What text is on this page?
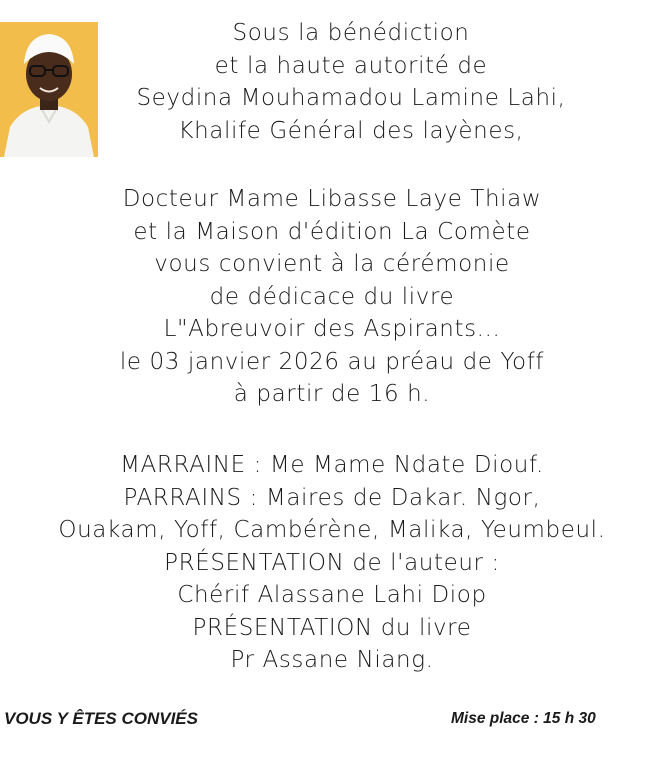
Sous la bénédiction
et la haute autorité de
Seydina Mouhamadou Lamine Lahi,
Khalife Général des layènes,
Docteur Mame Libasse Laye Thiaw
et la Maison d'édition La Comète
vous convient à la cérémonie
de dédicace du livre
L"Abreuvoir des Aspirants...
le 03 janvier 2026 au préau de Yoff
à partir de 16 h.
MARRAINE : Me Mame Ndate Diouf.
PARRAINS : Maires de Dakar. Ngor,
Ouakam, Yoff, Cambérène, Malika, Yeumbeul.
PRÉSENTATION de l'auteur :
Chérif Alassane Lahi Diop
PRÉSENTATION du livre
Pr Assane Niang.
VOUS Y ÊTES CONVIÉS	Mise place : 15 h 30
